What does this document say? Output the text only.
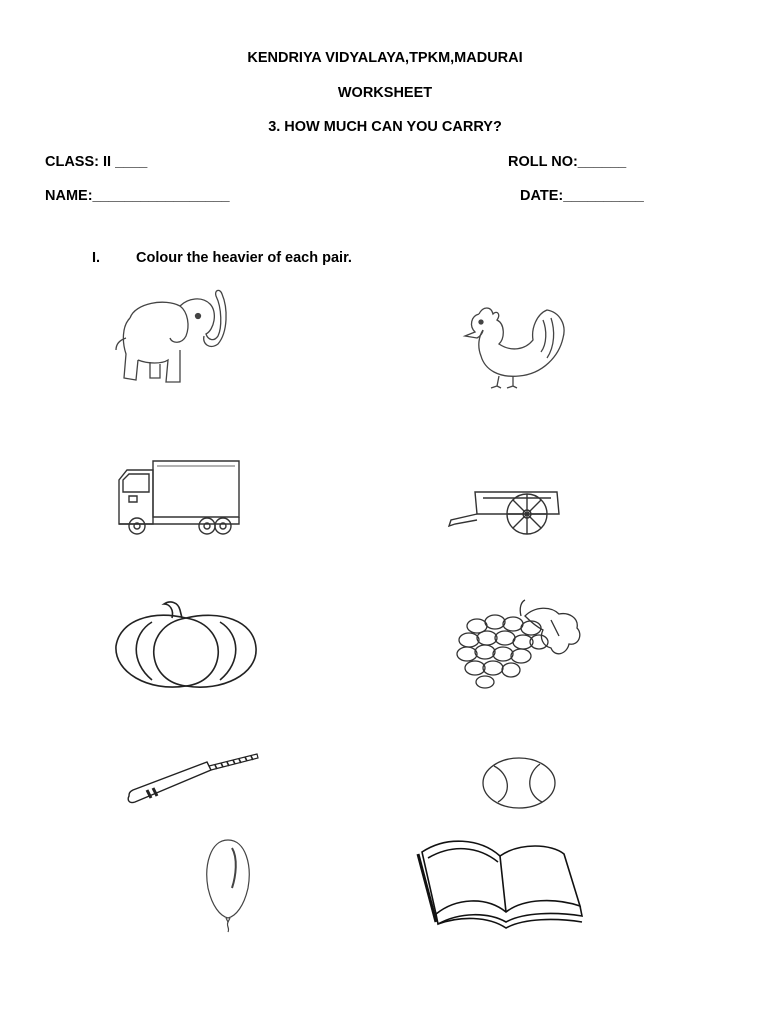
KENDRIYA VIDYALAYA,TPKM,MADURAI
WORKSHEET
3. HOW MUCH CAN YOU CARRY?
CLASS: II ____	ROLL NO:______
NAME:_________________	DATE:__________
I. Colour the heavier of each pair.
